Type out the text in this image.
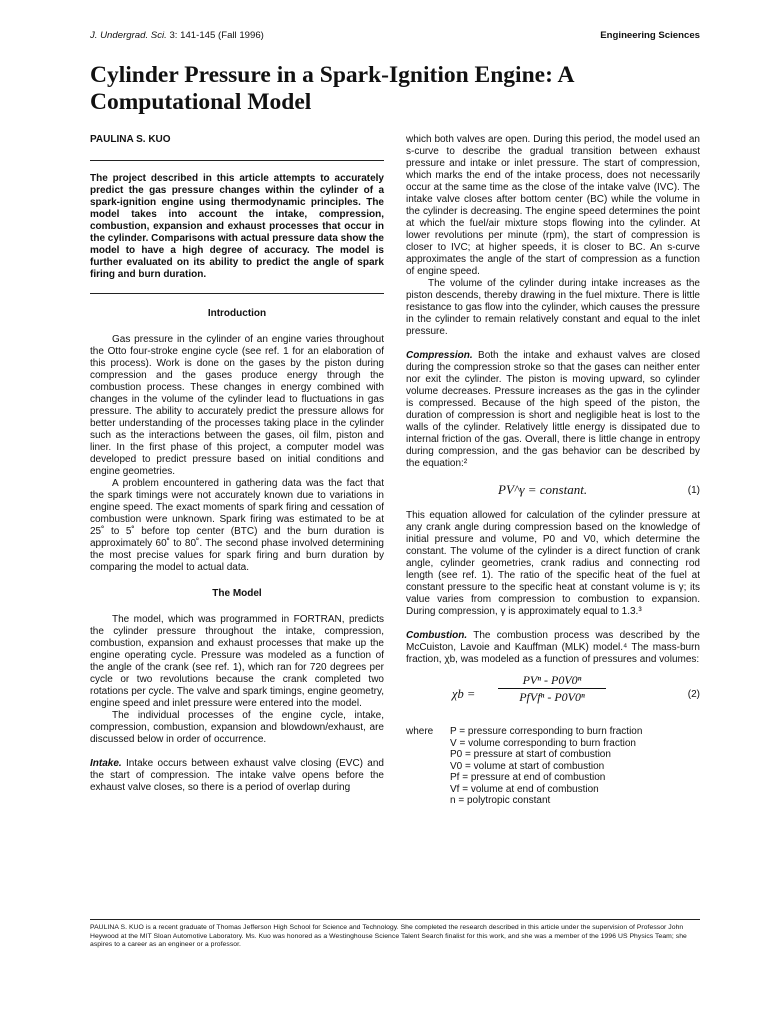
J. Undergrad. Sci. 3: 141-145 (Fall 1996)	Engineering Sciences
Cylinder Pressure in a Spark-Ignition Engine: A Computational Model
PAULINA S. KUO
The project described in this article attempts to accurately predict the gas pressure changes within the cylinder of a spark-ignition engine using thermodynamic principles. The model takes into account the intake, compression, combustion, expansion and exhaust processes that occur in the cylinder. Comparisons with actual pressure data show the model to have a high degree of accuracy. The model is further evaluated on its ability to predict the angle of spark firing and burn duration.
Introduction

Gas pressure in the cylinder of an engine varies throughout the Otto four-stroke engine cycle (see ref. 1 for an elaboration of this process). Work is done on the gases by the piston during compression and the gases produce energy through the combustion process. These changes in energy combined with changes in the volume of the cylinder lead to fluctuations in gas pressure. The ability to accurately predict the pressure allows for better understanding of the processes taking place in the cylinder such as the interactions between the gases, oil film, piston and liner. In the first phase of this project, a computer model was developed to predict pressure based on initial conditions and engine geometries.

A problem encountered in gathering data was the fact that the spark timings were not accurately known due to variations in engine speed. The exact moments of spark firing and cessation of combustion were unknown. Spark firing was estimated to be at 25˚ to 5˚ before top center (BTC) and the burn duration is approximately 60˚ to 80˚. The second phase involved determining the most precise values for spark firing and burn duration by comparing the model to actual data.

The Model

The model, which was programmed in FORTRAN, predicts the cylinder pressure throughout the intake, compression, combustion, expansion and exhaust processes that make up the engine operating cycle. Pressure was modeled as a function of the angle of the crank (see ref. 1), which ran for 720 degrees per cycle or two revolutions because the crank completed two rotations per cycle. The valve and spark timings, engine geometry, engine speed and inlet pressure were entered into the model.

The individual processes of the engine cycle, intake, compression, combustion, expansion and blowdown/exhaust, are discussed below in order of occurrence.

Intake. Intake occurs between exhaust valve closing (EVC) and the start of compression. The intake valve opens before the exhaust valve closes, so there is a period of overlap during

which both valves are open. During this period, the model used an s-curve to describe the gradual transition between exhaust pressure and intake or inlet pressure. The start of compression, which marks the end of the intake process, does not necessarily occur at the same time as the close of the intake valve (IVC). The intake valve closes after bottom center (BC) while the volume in the cylinder is decreasing. The engine speed determines the point at which the fuel/air mixture stops flowing into the cylinder. At lower revolutions per minute (rpm), the start of compression is closer to IVC; at higher speeds, it is closer to BC. An s-curve approximates the angle of the start of compression as a function of engine speed.

The volume of the cylinder during intake increases as the piston descends, thereby drawing in the fuel mixture. There is little resistance to gas flow into the cylinder, which causes the pressure in the cylinder to remain relatively constant and equal to the inlet pressure.

Compression. Both the intake and exhaust valves are closed during the compression stroke so that the gases can neither enter nor exit the cylinder. The piston is moving upward, so cylinder volume decreases. Pressure increases as the gas in the cylinder is compressed. Because of the high speed of the piston, the duration of compression is short and negligible heat is lost to the walls of the cylinder. Relatively little energy is dissipated due to internal friction of the gas. Overall, there is little change in entropy during compression, and the gas behavior can be described by the equation:²

PV^γ = constant.	(1)

This equation allowed for calculation of the cylinder pressure at any crank angle during compression based on the knowledge of initial pressure and volume, P0 and V0, which determine the constant. The volume of the cylinder is a direct function of crank angle, cylinder geometries, crank radius and connecting rod length (see ref. 1). The ratio of the specific heat of the fuel at constant pressure to the specific heat at constant volume is γ; its value varies from compression to combustion to expansion. During compression, γ is approximately equal to 1.3.³

Combustion. The combustion process was described by the McCuiston, Lavoie and Kauffman (MLK) model.⁴ The mass-burn fraction, χb, was modeled as a function of pressures and volumes:

χb =
PVⁿ - P0V0ⁿ
PfVfⁿ - P0V0ⁿ	(2)
where	P = pressure corresponding to burn fraction
V = volume corresponding to burn fraction
P0 = pressure at start of combustion
V0 = volume at start of combustion
Pf = pressure at end of combustion
Vf = volume at end of combustion
n = polytropic constant
PAULINA S. KUO is a recent graduate of Thomas Jefferson High School for Science and Technology. She completed the research described in this article under the supervision of Professor John Heywood at the MIT Sloan Automotive Laboratory. Ms. Kuo was honored as a Westinghouse Science Talent Search finalist for this work, and she was a member of the 1996 US Physics Team; she aspires to a career as an engineer or a professor.
